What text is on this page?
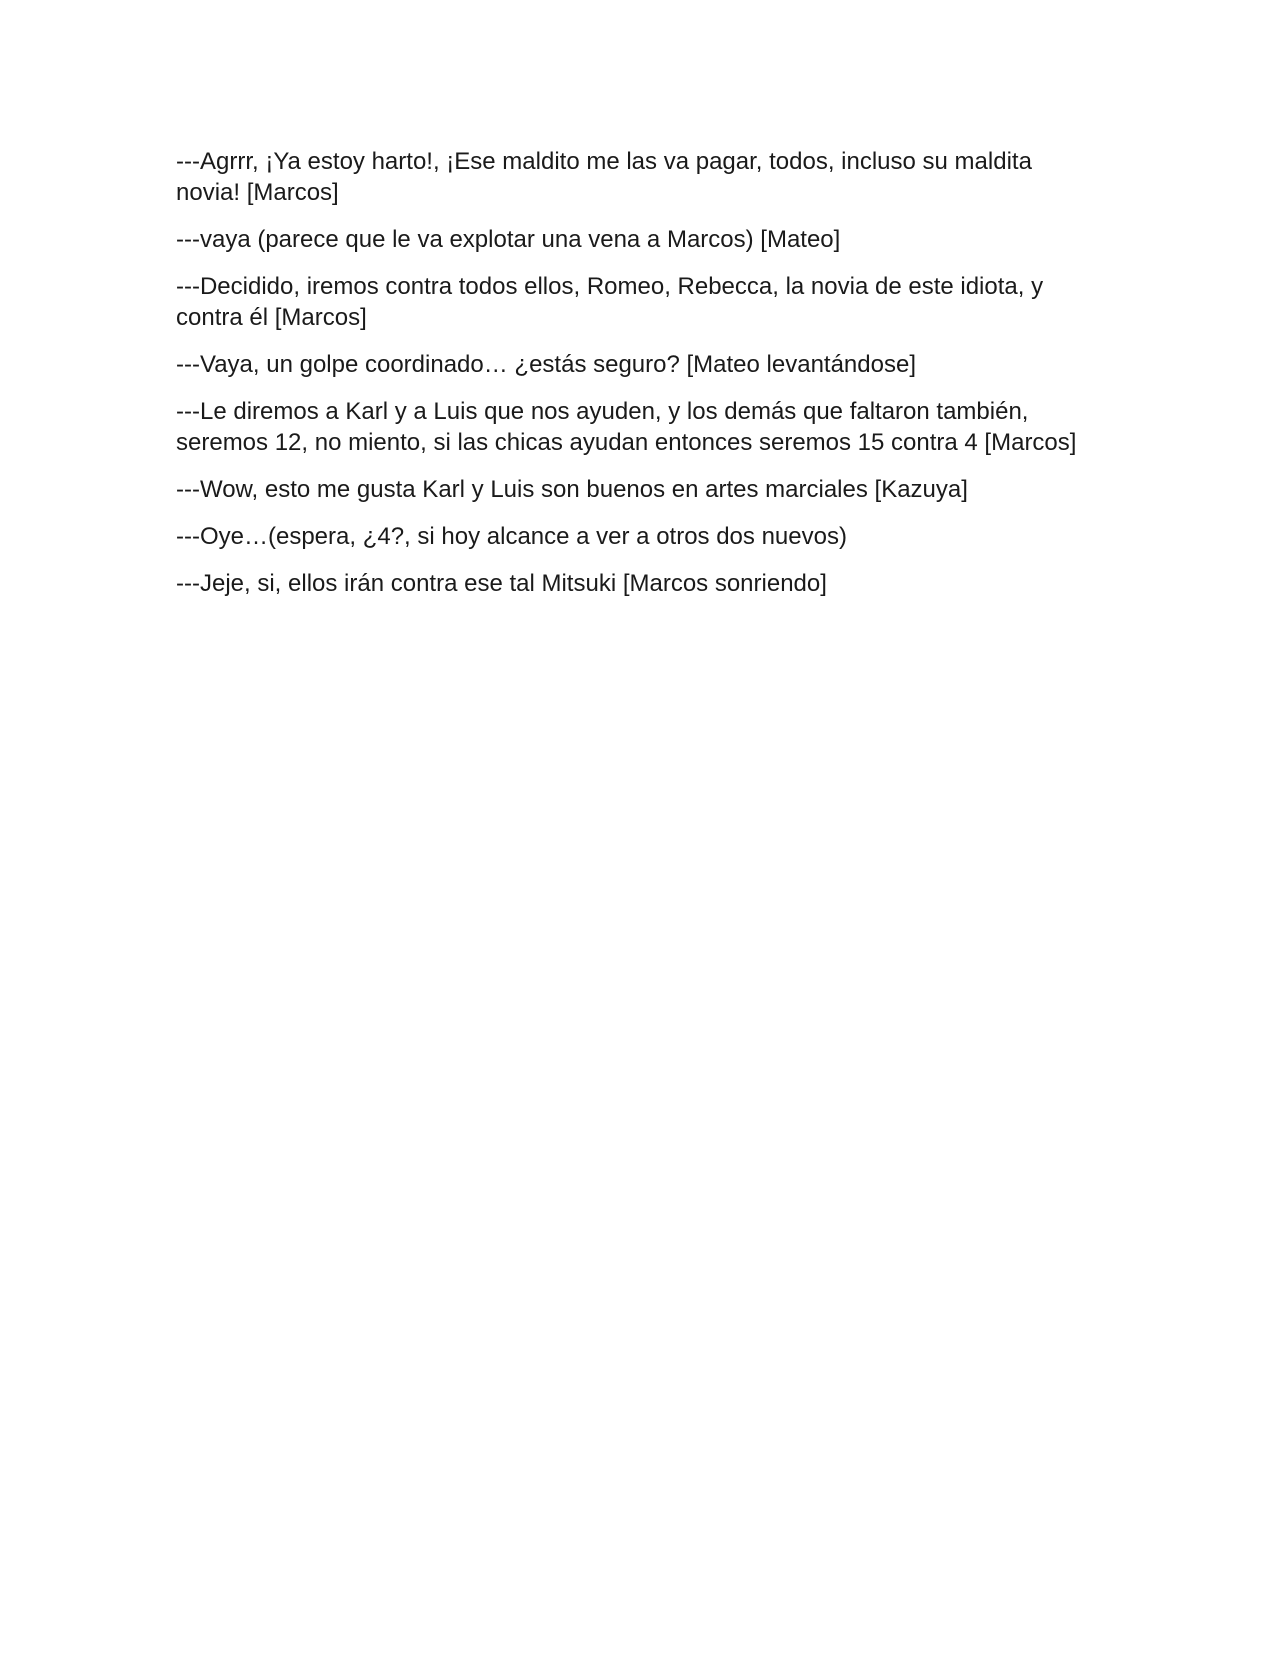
---Agrrr, ¡Ya estoy harto!, ¡Ese maldito me las va pagar, todos, incluso su maldita novia! [Marcos]

---vaya (parece que le va explotar una vena a Marcos) [Mateo]

---Decidido, iremos contra todos ellos, Romeo, Rebecca, la novia de este idiota, y contra él [Marcos]

---Vaya, un golpe coordinado… ¿estás seguro? [Mateo levantándose]

---Le diremos a Karl y a Luis que nos ayuden, y los demás que faltaron también, seremos 12, no miento, si las chicas ayudan entonces seremos 15 contra 4 [Marcos]

---Wow, esto me gusta Karl y Luis son buenos en artes marciales [Kazuya]

---Oye…(espera, ¿4?, si hoy alcance a ver a otros dos nuevos)

---Jeje, si, ellos irán contra ese tal Mitsuki [Marcos sonriendo]
